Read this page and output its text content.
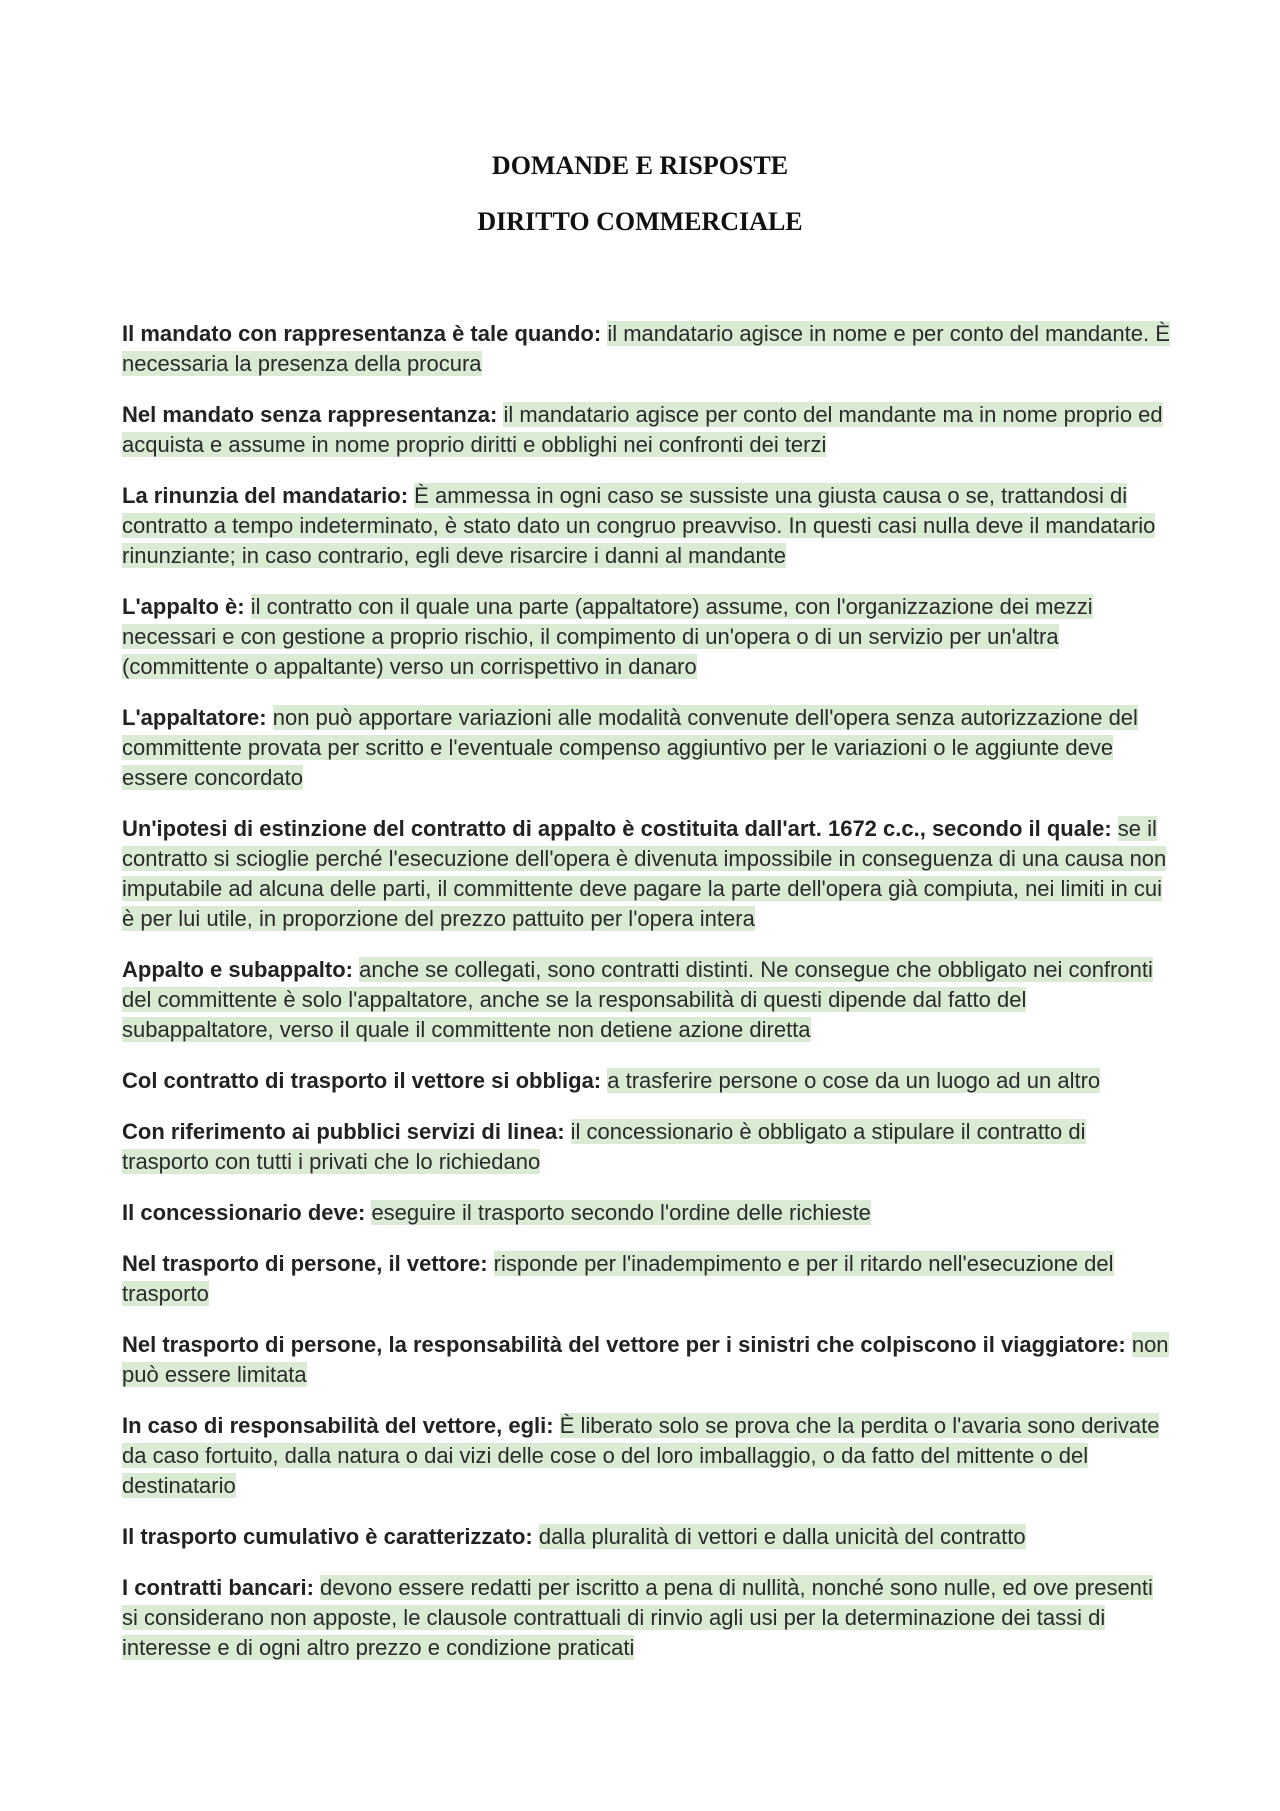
DOMANDE E RISPOSTE

DIRITTO COMMERCIALE

Il mandato con rappresentanza è tale quando: il mandatario agisce in nome e per conto del mandante. È necessaria la presenza della procura

Nel mandato senza rappresentanza: il mandatario agisce per conto del mandante ma in nome proprio ed acquista e assume in nome proprio diritti e obblighi nei confronti dei terzi

La rinunzia del mandatario: È ammessa in ogni caso se sussiste una giusta causa o se, trattandosi di contratto a tempo indeterminato, è stato dato un congruo preavviso. In questi casi nulla deve il mandatario rinunziante; in caso contrario, egli deve risarcire i danni al mandante

L'appalto è: il contratto con il quale una parte (appaltatore) assume, con l'organizzazione dei mezzi necessari e con gestione a proprio rischio, il compimento di un'opera o di un servizio per un'altra (committente o appaltante) verso un corrispettivo in danaro

L'appaltatore: non può apportare variazioni alle modalità convenute dell'opera senza autorizzazione del committente provata per scritto e l'eventuale compenso aggiuntivo per le variazioni o le aggiunte deve essere concordato

Un'ipotesi di estinzione del contratto di appalto è costituita dall'art. 1672 c.c., secondo il quale: se il contratto si scioglie perché l'esecuzione dell'opera è divenuta impossibile in conseguenza di una causa non imputabile ad alcuna delle parti, il committente deve pagare la parte dell'opera già compiuta, nei limiti in cui è per lui utile, in proporzione del prezzo pattuito per l'opera intera

Appalto e subappalto: anche se collegati, sono contratti distinti. Ne consegue che obbligato nei confronti del committente è solo l'appaltatore, anche se la responsabilità di questi dipende dal fatto del subappaltatore, verso il quale il committente non detiene azione diretta

Col contratto di trasporto il vettore si obbliga: a trasferire persone o cose da un luogo ad un altro

Con riferimento ai pubblici servizi di linea: il concessionario è obbligato a stipulare il contratto di trasporto con tutti i privati che lo richiedano

Il concessionario deve: eseguire il trasporto secondo l'ordine delle richieste

Nel trasporto di persone, il vettore: risponde per l'inadempimento e per il ritardo nell'esecuzione del trasporto

Nel trasporto di persone, la responsabilità del vettore per i sinistri che colpiscono il viaggiatore: non può essere limitata

In caso di responsabilità del vettore, egli: È liberato solo se prova che la perdita o l'avaria sono derivate da caso fortuito, dalla natura o dai vizi delle cose o del loro imballaggio, o da fatto del mittente o del destinatario

Il trasporto cumulativo è caratterizzato: dalla pluralità di vettori e dalla unicità del contratto

I contratti bancari: devono essere redatti per iscritto a pena di nullità, nonché sono nulle, ed ove presenti si considerano non apposte, le clausole contrattuali di rinvio agli usi per la determinazione dei tassi di interesse e di ogni altro prezzo e condizione praticati
